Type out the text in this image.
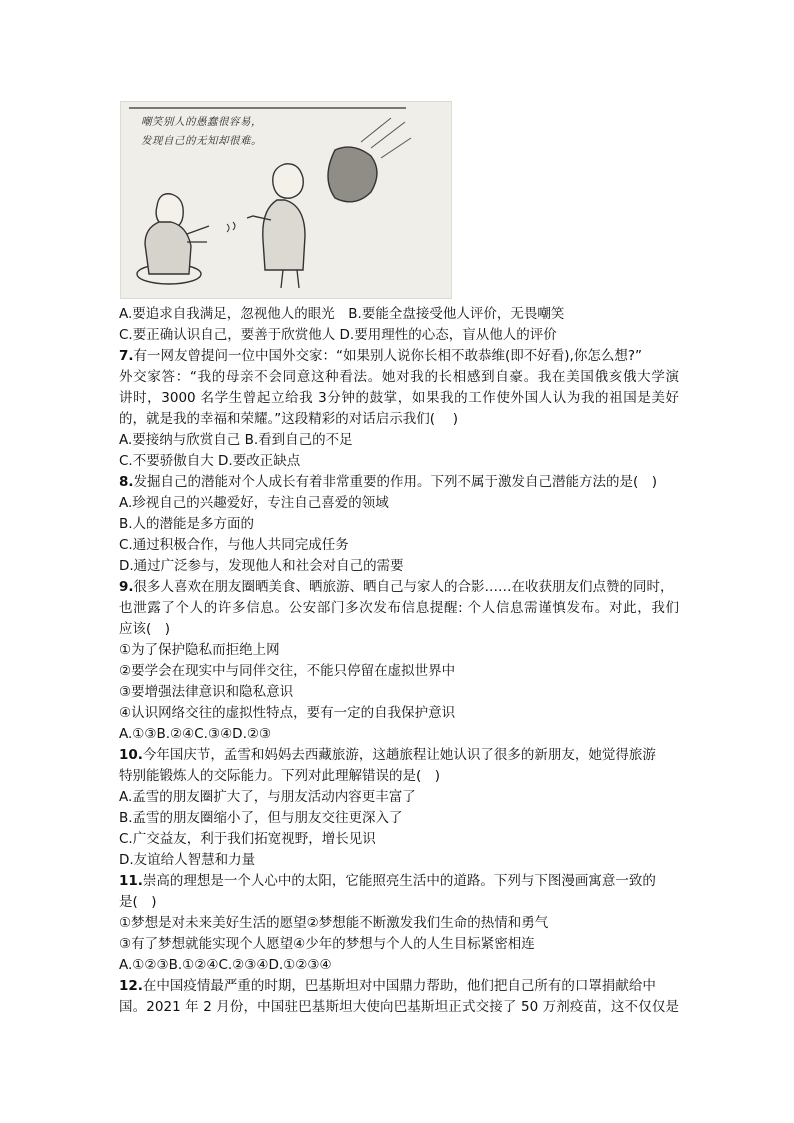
嘲笑别人的愚蠢很容易，
发现自己的无知却很难。
A.要追求自我满足，忽视他人的眼光　B.要能全盘接受他人评价，无畏嘲笑
C.要正确认识自己，要善于欣赏他人 D.要用理性的心态，盲从他人的评价
7.有一网友曾提问一位中国外交家：“如果别人说你长相不敢恭维(即不好看),你怎么想?”
外交家答：“我的母亲不会同意这种看法。她对我的长相感到自豪。我在美国俄亥俄大学演
讲时，3000 名学生曾起立给我 3分钟的鼓掌，如果我的工作使外国人认为我的祖国是美好
的，就是我的幸福和荣耀。”这段精彩的对话启示我们(　 )
A.要接纳与欣赏自己 B.看到自己的不足
C.不要骄傲自大 D.要改正缺点
8.发掘自己的潜能对个人成长有着非常重要的作用。下列不属于激发自己潜能方法的是(　)
A.珍视自己的兴趣爱好，专注自己喜爱的领域
B.人的潜能是多方面的
C.通过积极合作，与他人共同完成任务
D.通过广泛参与，发现他人和社会对自己的需要
9.很多人喜欢在朋友圈晒美食、晒旅游、晒自己与家人的合影……在收获朋友们点赞的同时，
也泄露了个人的许多信息。公安部门多次发布信息提醒: 个人信息需谨慎发布。对此，我们
应该(　)
①为了保护隐私而拒绝上网
②要学会在现实中与同伴交往，不能只停留在虚拟世界中
③要增强法律意识和隐私意识
④认识网络交往的虚拟性特点，要有一定的自我保护意识
A.①③B.②④C.③④D.②③
10.今年国庆节，孟雪和妈妈去西藏旅游，这趟旅程让她认识了很多的新朋友，她觉得旅游
特别能锻炼人的交际能力。下列对此理解错误的是(　)
A.孟雪的朋友圈扩大了，与朋友活动内容更丰富了
B.孟雪的朋友圈缩小了，但与朋友交往更深入了
C.广交益友，利于我们拓宽视野，增长见识
D.友谊给人智慧和力量
11.崇高的理想是一个人心中的太阳，它能照亮生活中的道路。下列与下图漫画寓意一致的
是(　)
①梦想是对未来美好生活的愿望②梦想能不断激发我们生命的热情和勇气
③有了梦想就能实现个人愿望④少年的梦想与个人的人生目标紧密相连
A.①②③B.①②④C.②③④D.①②③④
12.在中国疫情最严重的时期，巴基斯坦对中国鼎力帮助，他们把自己所有的口罩捐献给中
国。2021 年 2 月份，中国驻巴基斯坦大使向巴基斯坦正式交接了 50 万剂疫苗，这不仅仅是
